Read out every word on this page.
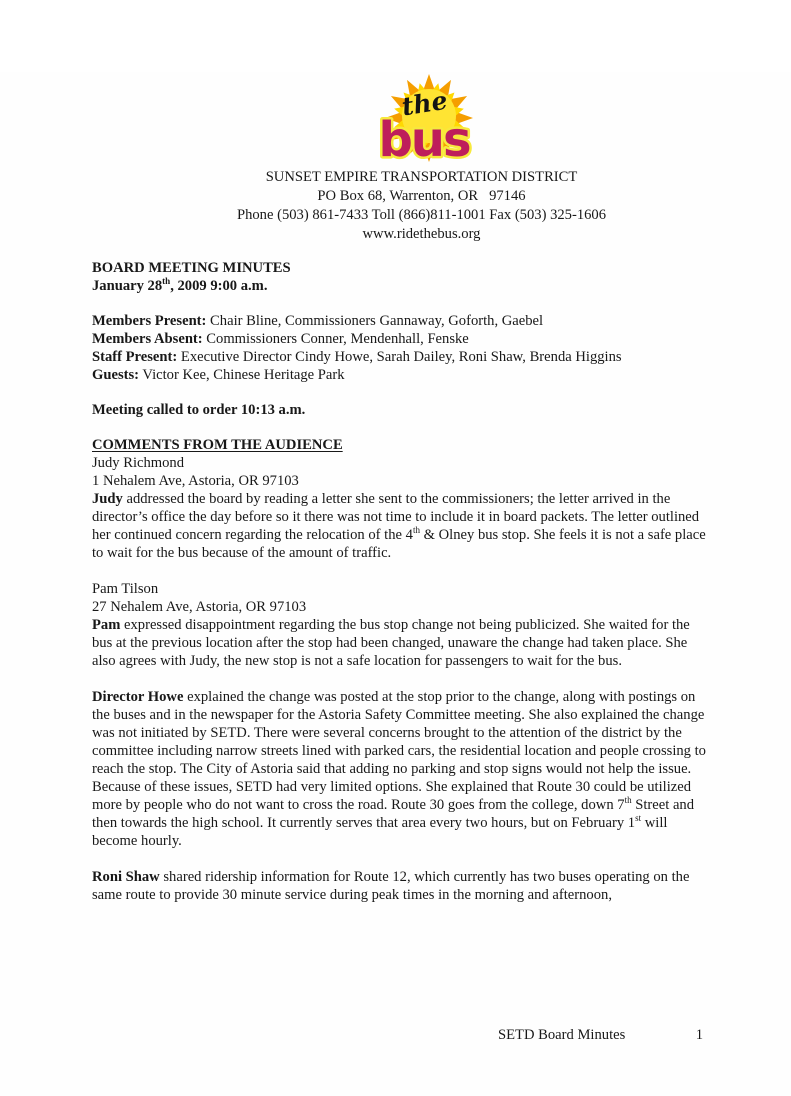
the
bus
SUNSET EMPIRE TRANSPORTATION DISTRICT
PO Box 68, Warrenton, OR   97146
Phone (503) 861-7433 Toll (866)811-1001 Fax (503) 325-1606
www.ridethebus.org

BOARD MEETING MINUTES

January 28th, 2009 9:00 a.m.

Members Present: Chair Bline, Commissioners Gannaway, Goforth, Gaebel

Members Absent: Commissioners Conner, Mendenhall, Fenske

Staff Present: Executive Director Cindy Howe, Sarah Dailey, Roni Shaw, Brenda Higgins

Guests: Victor Kee, Chinese Heritage Park

Meeting called to order 10:13 a.m.

COMMENTS FROM THE AUDIENCE

Judy Richmond

1 Nehalem Ave, Astoria, OR 97103

Judy addressed the board by reading a letter she sent to the commissioners; the letter arrived in the director’s office the day before so it there was not time to include it in board packets. The letter outlined her continued concern regarding the relocation of the 4th & Olney bus stop. She feels it is not a safe place to wait for the bus because of the amount of traffic.

Pam Tilson

27 Nehalem Ave, Astoria, OR 97103

Pam expressed disappointment regarding the bus stop change not being publicized. She waited for the bus at the previous location after the stop had been changed, unaware the change had taken place. She also agrees with Judy, the new stop is not a safe location for passengers to wait for the bus.

Director Howe explained the change was posted at the stop prior to the change, along with postings on the buses and in the newspaper for the Astoria Safety Committee meeting. She also explained the change was not initiated by SETD. There were several concerns brought to the attention of the district by the committee including narrow streets lined with parked cars, the residential location and people crossing to reach the stop. The City of Astoria said that adding no parking and stop signs would not help the issue. Because of these issues, SETD had very limited options. She explained that Route 30 could be utilized more by people who do not want to cross the road. Route 30 goes from the college, down 7th Street and then towards the high school. It currently serves that area every two hours, but on February 1st will become hourly.

Roni Shaw shared ridership information for Route 12, which currently has two buses operating on the same route to provide 30 minute service during peak times in the morning and afternoon,

SETD Board Minutes	1
